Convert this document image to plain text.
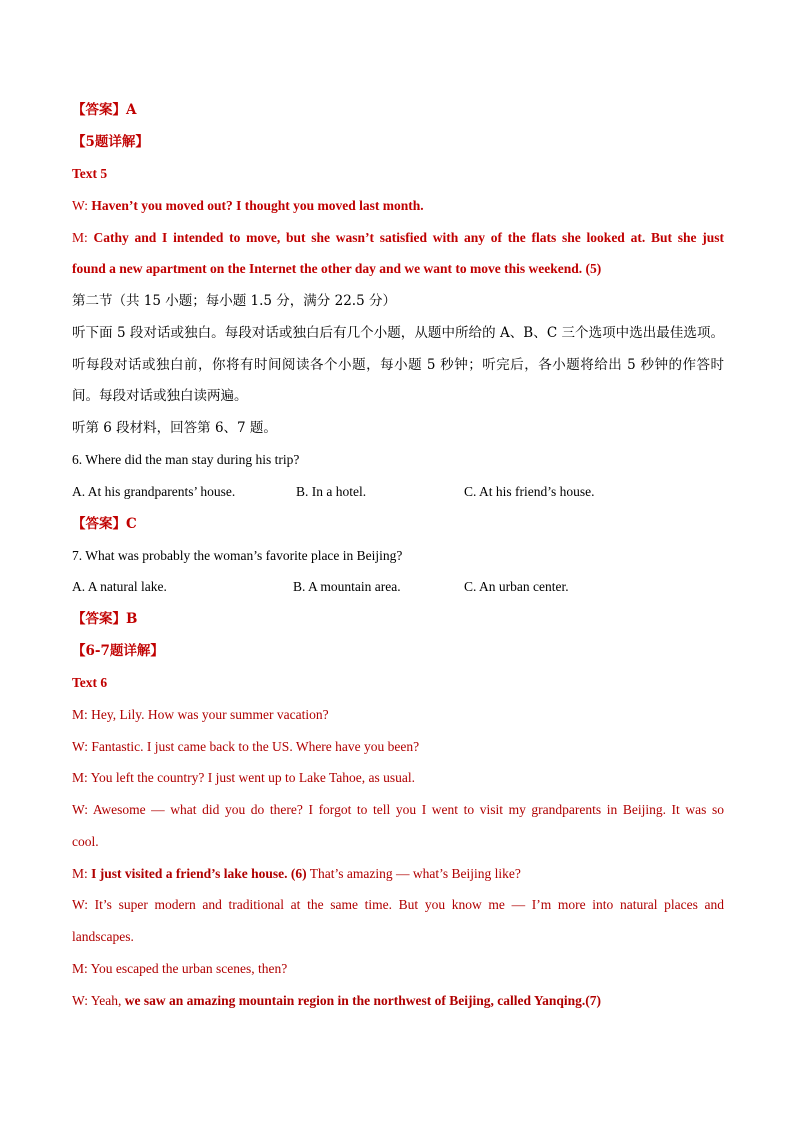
【答案】A
【5题详解】
Text 5
W: Haven’t you moved out? I thought you moved last month.
M: Cathy and I intended to move, but she wasn’t satisfied with any of the flats she looked at. But she just
found a new apartment on the Internet the other day and we want to move this weekend. (5)
第二节（共 15 小题；每小题 1.5 分，满分 22.5 分）
听下面 5 段对话或独白。每段对话或独白后有几个小题，从题中所给的 A、B、C 三个选项中选出最佳选项。
听每段对话或独白前，你将有时间阅读各个小题，每小题 5 秒钟；听完后，各小题将给出 5 秒钟的作答时
间。每段对话或独白读两遍。
听第 6 段材料，回答第 6、7 题。
6. Where did the man stay during his trip?
A. At his grandparents’ house.	B. In a hotel.	C. At his friend’s house.
【答案】C
7. What was probably the woman’s favorite place in Beijing?
A. A natural lake.	B. A mountain area.	C. An urban center.
【答案】B
【6-7题详解】
Text 6
M: Hey, Lily. How was your summer vacation?
W: Fantastic. I just came back to the US. Where have you been?
M: You left the country? I just went up to Lake Tahoe, as usual.
W: Awesome — what did you do there? I forgot to tell you I went to visit my grandparents in Beijing. It was so
cool.
M: I just visited a friend’s lake house. (6) That’s amazing — what’s Beijing like?
W: It’s super modern and traditional at the same time. But you know me — I’m more into natural places and
landscapes.
M: You escaped the urban scenes, then?
W: Yeah, we saw an amazing mountain region in the northwest of Beijing, called Yanqing.(7)
